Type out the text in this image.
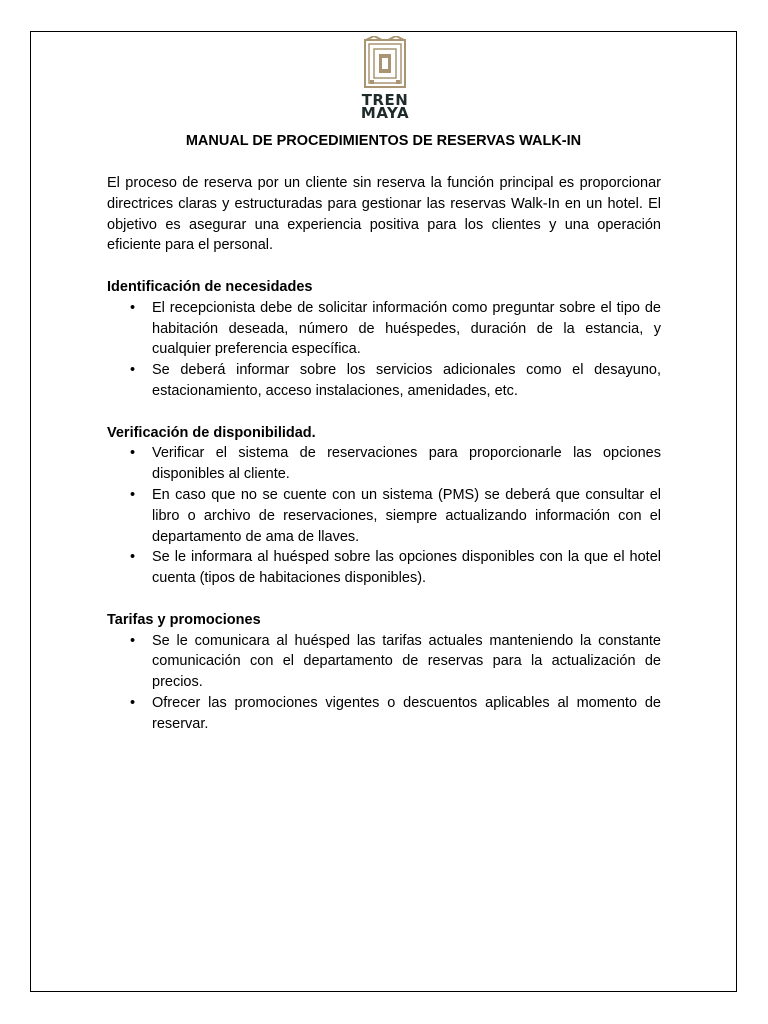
TREN
MAYA
MANUAL DE PROCEDIMIENTOS DE RESERVAS WALK-IN

El proceso de reserva por un cliente sin reserva la función principal es proporcionar directrices claras y estructuradas para gestionar las reservas Walk-In en un hotel. El objetivo es asegurar una experiencia positiva para los clientes y una operación eficiente para el personal.

Identificación de necesidades

• El recepcionista debe de solicitar información como preguntar sobre el tipo de habitación deseada, número de huéspedes, duración de la estancia, y cualquier preferencia específica.
• Se deberá informar sobre los servicios adicionales como el desayuno, estacionamiento, acceso instalaciones, amenidades, etc.

Verificación de disponibilidad.

• Verificar el sistema de reservaciones para proporcionarle las opciones disponibles al cliente.
• En caso que no se cuente con un sistema (PMS) se deberá que consultar el libro o archivo de reservaciones, siempre actualizando información con el departamento de ama de llaves.
• Se le informara al huésped sobre las opciones disponibles con la que el hotel cuenta (tipos de habitaciones disponibles).

Tarifas y promociones

• Se le comunicara al huésped las tarifas actuales manteniendo la constante comunicación con el departamento de reservas para la actualización de precios.
• Ofrecer las promociones vigentes o descuentos aplicables al momento de reservar.
